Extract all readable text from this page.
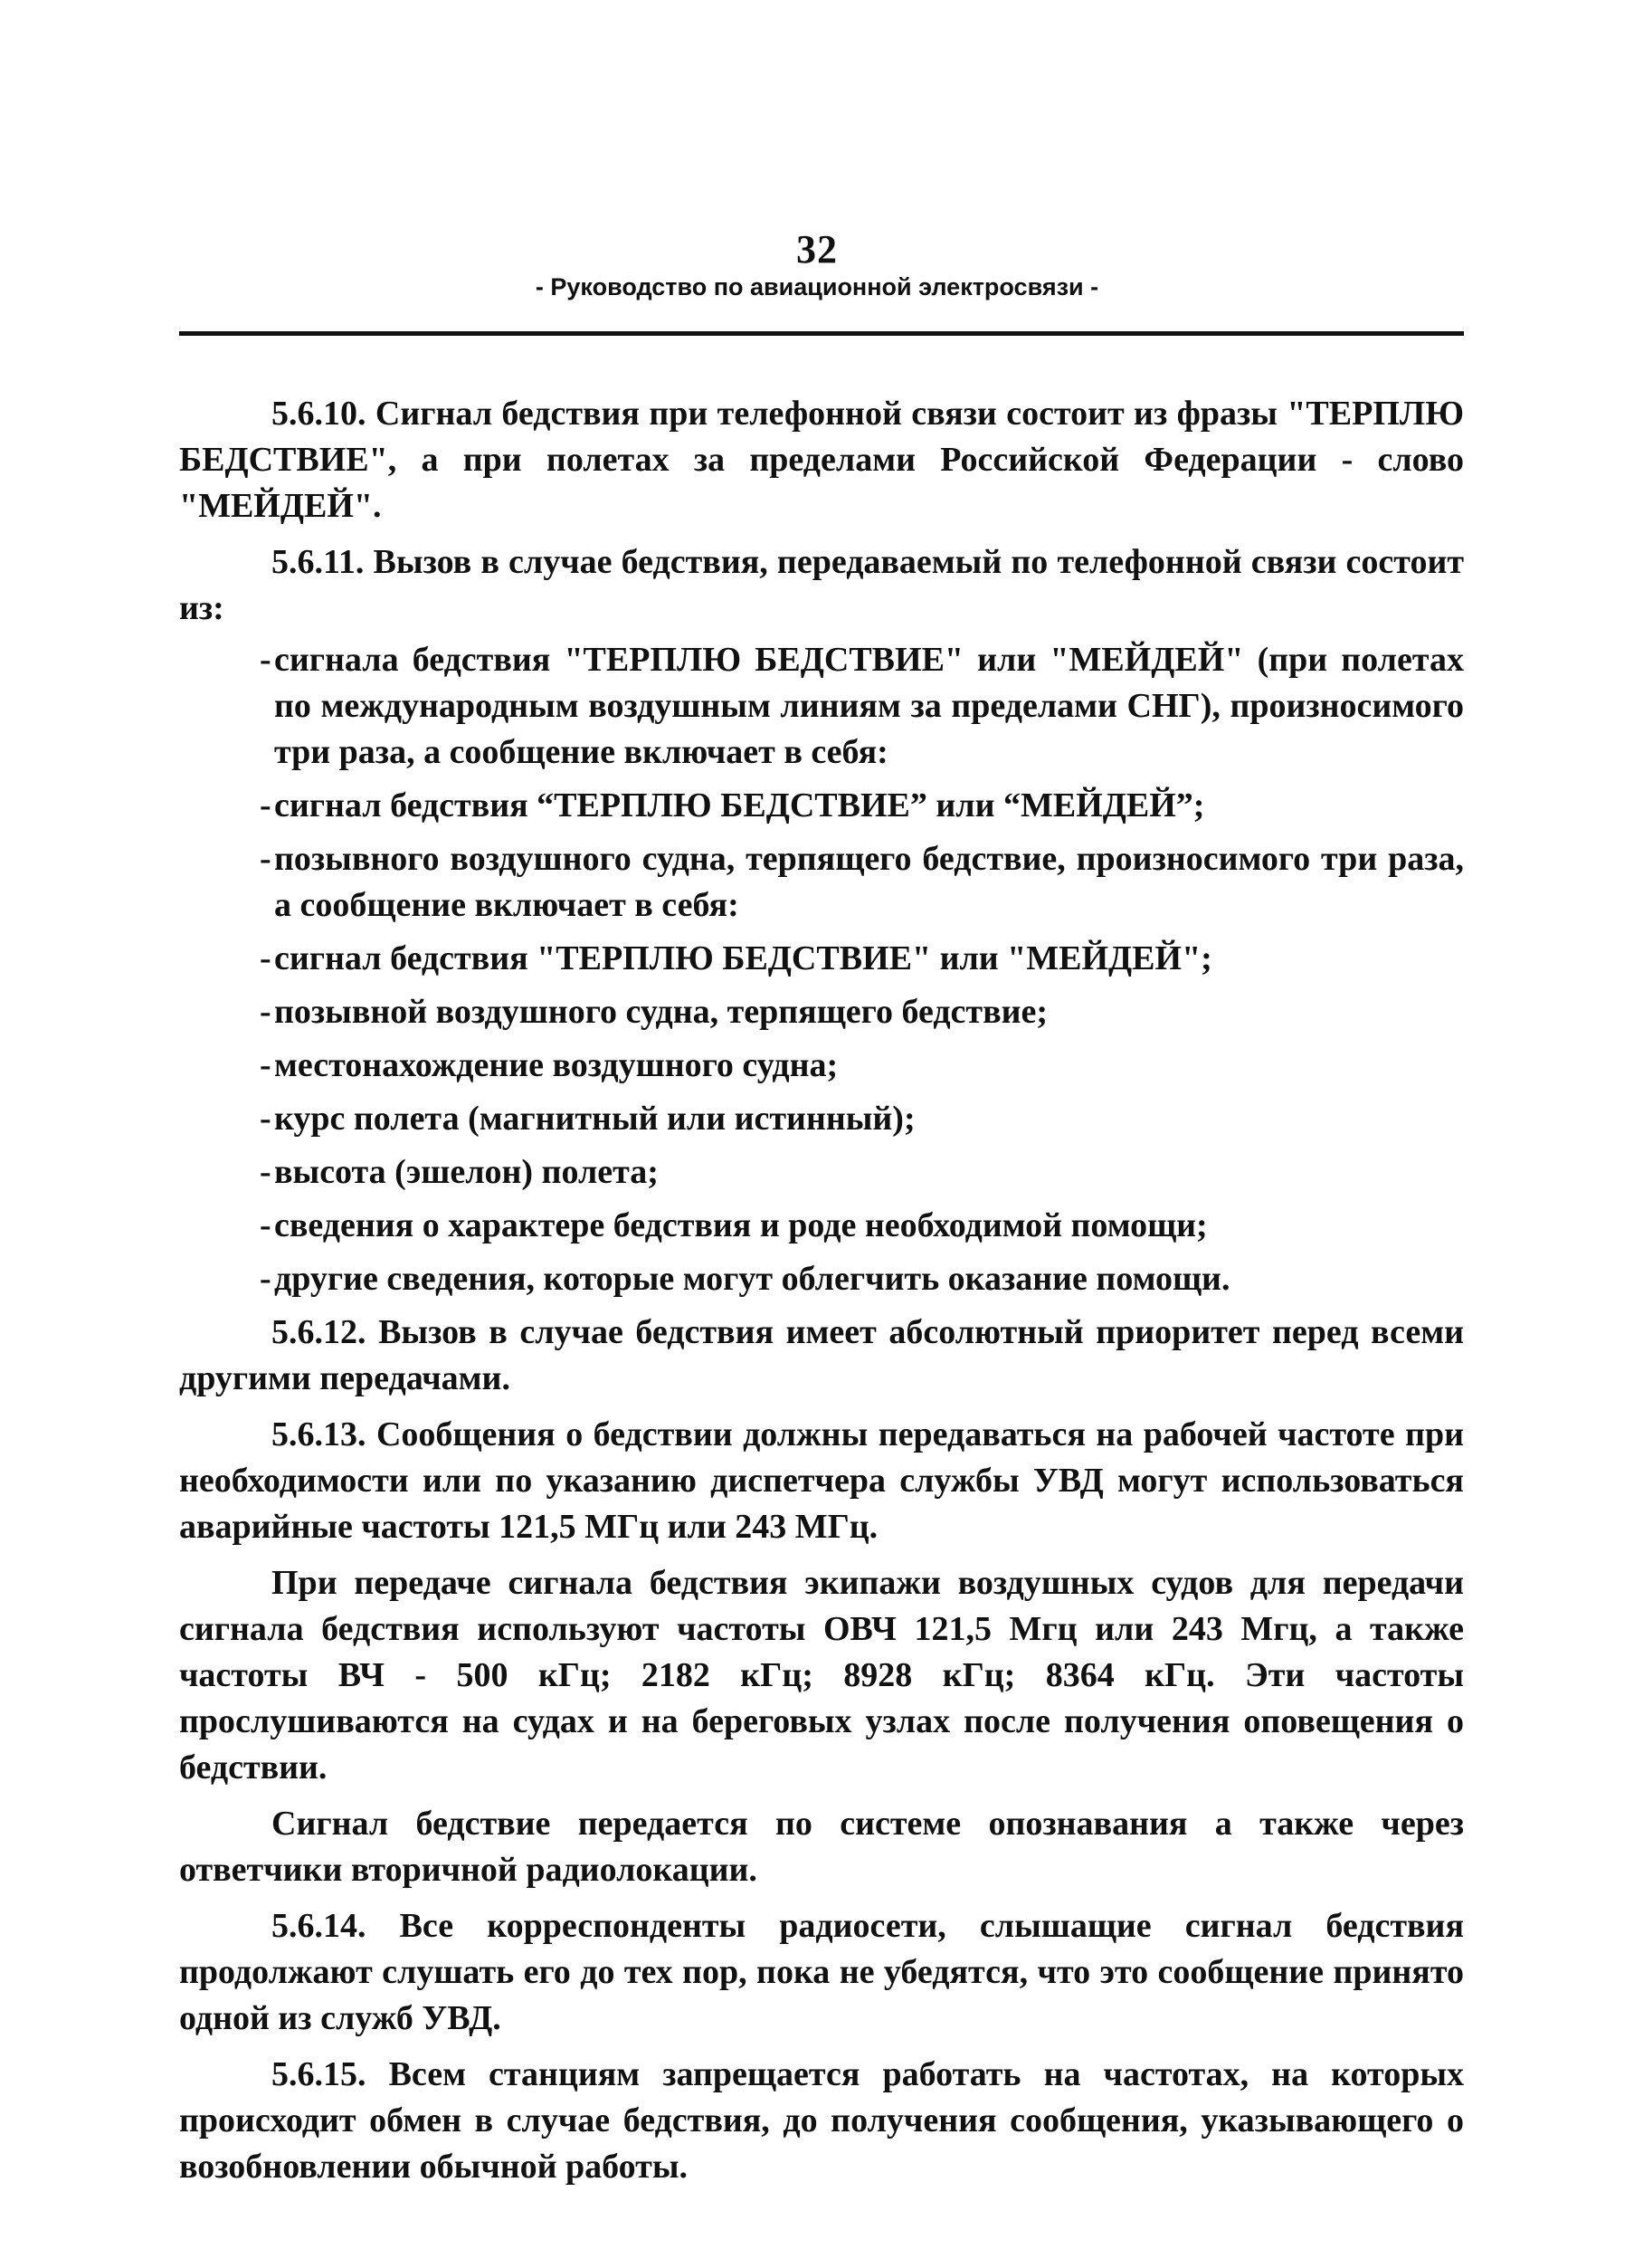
32
- Руководство по авиационной электросвязи -

5.6.10. Сигнал бедствия при телефонной связи состоит из фразы "ТЕРПЛЮ БЕДСТВИЕ", а при полетах за пределами Российской Федерации - слово "МЕЙДЕЙ".

5.6.11. Вызов в случае бедствия, передаваемый по телефонной связи состоит из:

- сигнала бедствия "ТЕРПЛЮ БЕДСТВИЕ" или "МЕЙДЕЙ" (при полетах по международным воздушным линиям за пределами СНГ), произносимого три раза, а сообщение включает в себя:
- сигнал бедствия “ТЕРПЛЮ БЕДСТВИЕ” или “МЕЙДЕЙ”;
- позывного воздушного судна, терпящего бедствие, произносимого три раза, а сообщение включает в себя:
- сигнал бедствия "ТЕРПЛЮ БЕДСТВИЕ" или "МЕЙДЕЙ";
- позывной воздушного судна, терпящего бедствие;
- местонахождение воздушного судна;
- курс полета (магнитный или истинный);
- высота (эшелон) полета;
- сведения о характере бедствия и роде необходимой помощи;
- другие сведения, которые могут облегчить оказание помощи.

5.6.12. Вызов в случае бедствия имеет абсолютный приоритет перед всеми другими передачами.

5.6.13. Сообщения о бедствии должны передаваться на рабочей частоте при необходимости или по указанию диспетчера службы УВД могут использоваться аварийные частоты 121,5 МГц или 243 МГц.

При передаче сигнала бедствия экипажи воздушных судов для передачи сигнала бедствия используют частоты ОВЧ 121,5 Мгц или 243 Мгц, а также частоты ВЧ - 500 кГц; 2182 кГц; 8928 кГц; 8364 кГц. Эти частоты прослушиваются на судах и на береговых узлах после получения оповещения о бедствии.

Сигнал бедствие передается по системе опознавания а также через ответчики вторичной радиолокации.

5.6.14. Все корреспонденты радиосети, слышащие сигнал бедствия продолжают слушать его до тех пор, пока не убедятся, что это сообщение принято одной из служб УВД.

5.6.15. Всем станциям запрещается работать на частотах, на которых происходит обмен в случае бедствия, до получения сообщения, указывающего о возобновлении обычной работы.
